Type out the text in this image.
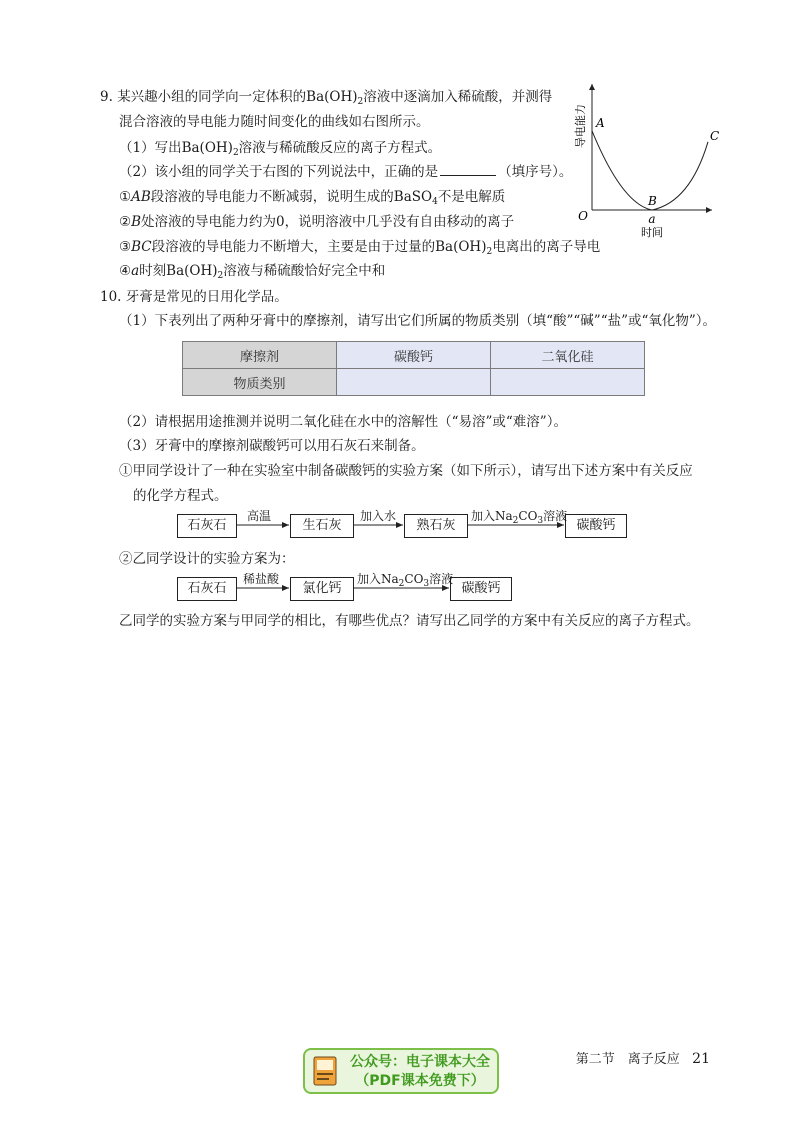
9. 某兴趣小组的同学向一定体积的$Ba(OH)_2$溶液中逐滴加入稀硫酸，并测得
混合溶液的导电能力随时间变化的曲线如右图所示。
（1）写出$Ba(OH)_2$溶液与稀硫酸反应的离子方程式。
（2）该小组的同学关于右图的下列说法中，正确的是	（填序号）。
①AB段溶液的导电能力不断减弱，说明生成的BaSO$_4$不是电解质
②B处溶液的导电能力约为0，说明溶液中几乎没有自由移动的离子
③BC段溶液的导电能力不断增大，主要是由于过量的$Ba(OH)_2$电离出的离子导电
④a时刻$Ba(OH)_2$溶液与稀硫酸恰好完全中和
导电能力
O	a
时间
A
B
C
10. 牙膏是常见的日用化学品。
（1）下表列出了两种牙膏中的摩擦剂，请写出它们所属的物质类别（填“酸”“碱”“盐”或“氧化物”）。
摩擦剂	碳酸钙	二氧化硅
物质类别		
（2）请根据用途推测并说明二氧化硅在水中的溶解性（“易溶”或“难溶”）。
（3）牙膏中的摩擦剂碳酸钙可以用石灰石来制备。
①甲同学设计了一种在实验室中制备碳酸钙的实验方案（如下所示），请写出下述方案中有关反应
的化学方程式。
石灰石	生石灰	熟石灰	碳酸钙
高温	加入水	加入$Na_2CO_3$溶液
②乙同学设计的实验方案为：
石灰石	氯化钙	碳酸钙
稀盐酸	加入$Na_2CO_3$溶液
乙同学的实验方案与甲同学的相比，有哪些优点？请写出乙同学的方案中有关反应的离子方程式。
公众号：电子课本大全
（PDF课本免费下）
第二节　离子反应 21
